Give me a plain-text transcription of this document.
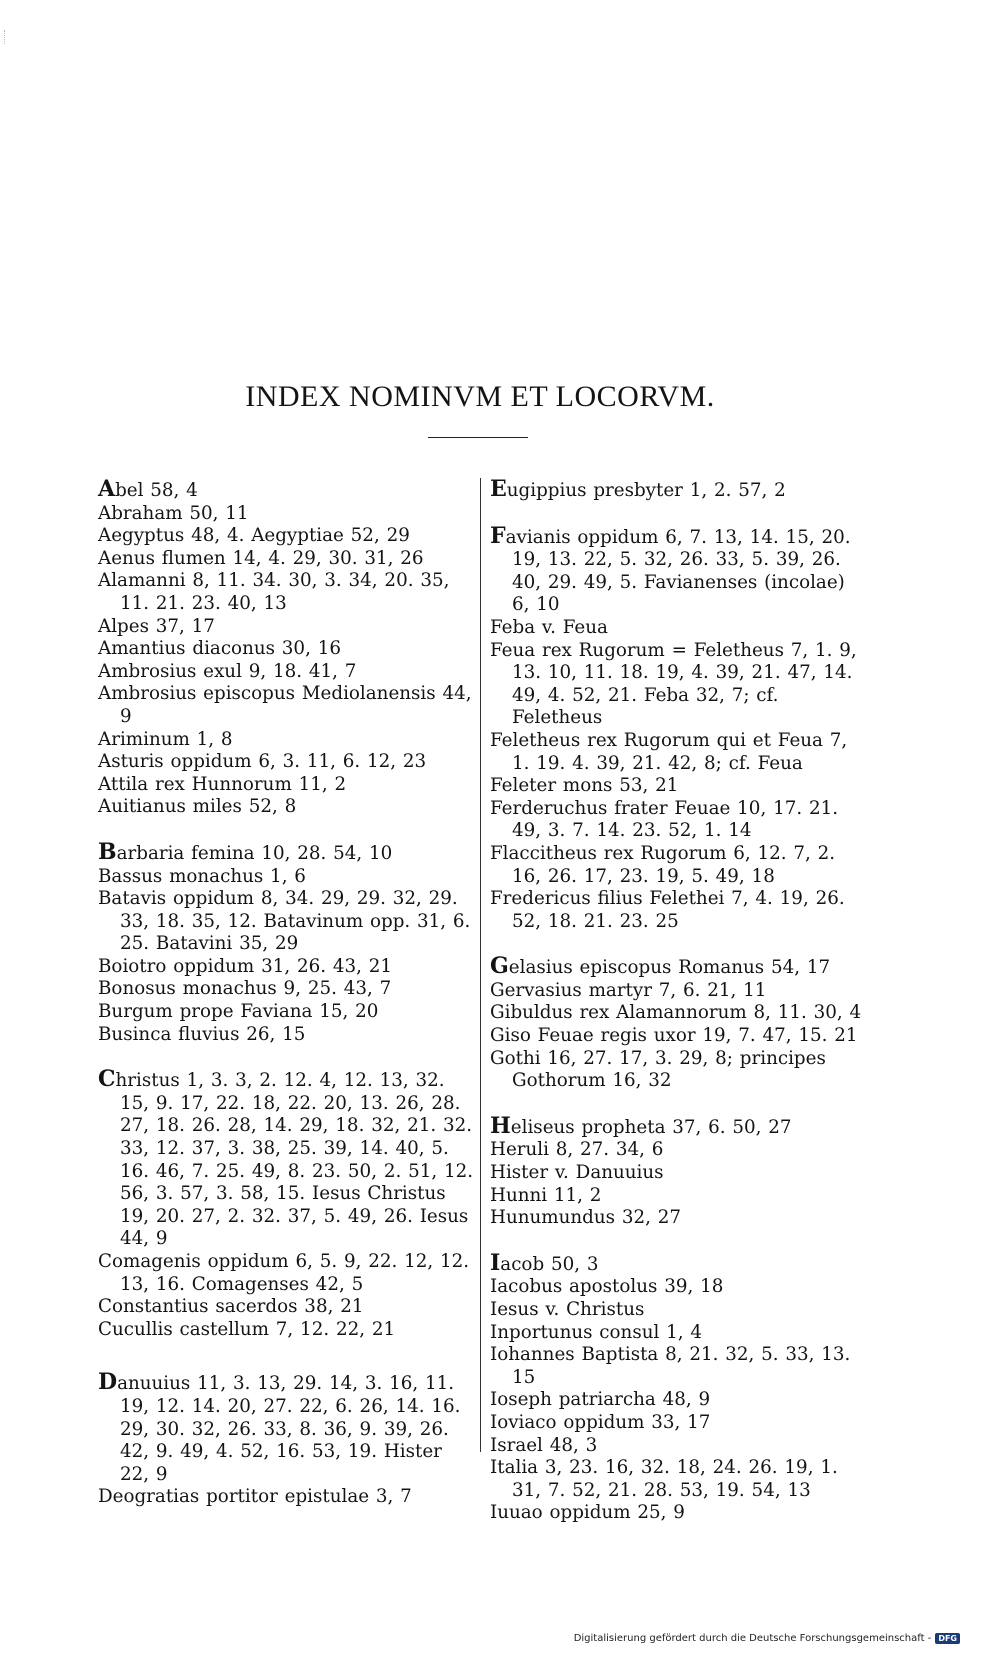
INDEX NOMINVM ET LOCORVM.
Abel 58, 4
Abraham 50, 11
Aegyptus 48, 4. Aegyptiae 52, 29
Aenus flumen 14, 4. 29, 30. 31, 26
Alamanni 8, 11. 34. 30, 3. 34, 20. 35, 11. 21. 23. 40, 13
Alpes 37, 17
Amantius diaconus 30, 16
Ambrosius exul 9, 18. 41, 7
Ambrosius episcopus Mediolanensis 44, 9
Ariminum 1, 8
Asturis oppidum 6, 3. 11, 6. 12, 23
Attila rex Hunnorum 11, 2
Auitianus miles 52, 8
Barbaria femina 10, 28. 54, 10
Bassus monachus 1, 6
Batavis oppidum 8, 34. 29, 29. 32, 29. 33, 18. 35, 12. Batavinum opp. 31, 6. 25. Batavini 35, 29
Boiotro oppidum 31, 26. 43, 21
Bonosus monachus 9, 25. 43, 7
Burgum prope Faviana 15, 20
Businca fluvius 26, 15
Christus 1, 3. 3, 2. 12. 4, 12. 13, 32. 15, 9. 17, 22. 18, 22. 20, 13. 26, 28. 27, 18. 26. 28, 14. 29, 18. 32, 21. 32. 33, 12. 37, 3. 38, 25. 39, 14. 40, 5. 16. 46, 7. 25. 49, 8. 23. 50, 2. 51, 12. 56, 3. 57, 3. 58, 15. Iesus Christus 19, 20. 27, 2. 32. 37, 5. 49, 26. Iesus 44, 9
Comagenis oppidum 6, 5. 9, 22. 12, 12. 13, 16. Comagenses 42, 5
Constantius sacerdos 38, 21
Cucullis castellum 7, 12. 22, 21
Danuuius 11, 3. 13, 29. 14, 3. 16, 11. 19, 12. 14. 20, 27. 22, 6. 26, 14. 16. 29, 30. 32, 26. 33, 8. 36, 9. 39, 26. 42, 9. 49, 4. 52, 16. 53, 19. Hister 22, 9
Deogratias portitor epistulae 3, 7
Eugippius presbyter 1, 2. 57, 2
Favianis oppidum 6, 7. 13, 14. 15, 20. 19, 13. 22, 5. 32, 26. 33, 5. 39, 26. 40, 29. 49, 5. Favianenses (incolae) 6, 10
Feba v. Feua
Feua rex Rugorum = Feletheus 7, 1. 9, 13. 10, 11. 18. 19, 4. 39, 21. 47, 14. 49, 4. 52, 21. Feba 32, 7; cf. Feletheus
Feletheus rex Rugorum qui et Feua 7, 1. 19. 4. 39, 21. 42, 8; cf. Feua
Feleter mons 53, 21
Ferderuchus frater Feuae 10, 17. 21. 49, 3. 7. 14. 23. 52, 1. 14
Flaccitheus rex Rugorum 6, 12. 7, 2. 16, 26. 17, 23. 19, 5. 49, 18
Fredericus filius Felethei 7, 4. 19, 26. 52, 18. 21. 23. 25
Gelasius episcopus Romanus 54, 17
Gervasius martyr 7, 6. 21, 11
Gibuldus rex Alamannorum 8, 11. 30, 4
Giso Feuae regis uxor 19, 7. 47, 15. 21
Gothi 16, 27. 17, 3. 29, 8; principes Gothorum 16, 32
Heliseus propheta 37, 6. 50, 27
Heruli 8, 27. 34, 6
Hister v. Danuuius
Hunni 11, 2
Hunumundus 32, 27
Iacob 50, 3
Iacobus apostolus 39, 18
Iesus v. Christus
Inportunus consul 1, 4
Iohannes Baptista 8, 21. 32, 5. 33, 13. 15
Ioseph patriarcha 48, 9
Ioviaco oppidum 33, 17
Israel 48, 3
Italia 3, 23. 16, 32. 18, 24. 26. 19, 1. 31, 7. 52, 21. 28. 53, 19. 54, 13
Iuuao oppidum 25, 9
Digitalisierung gefördert durch die Deutsche Forschungsgemeinschaft - DFG
